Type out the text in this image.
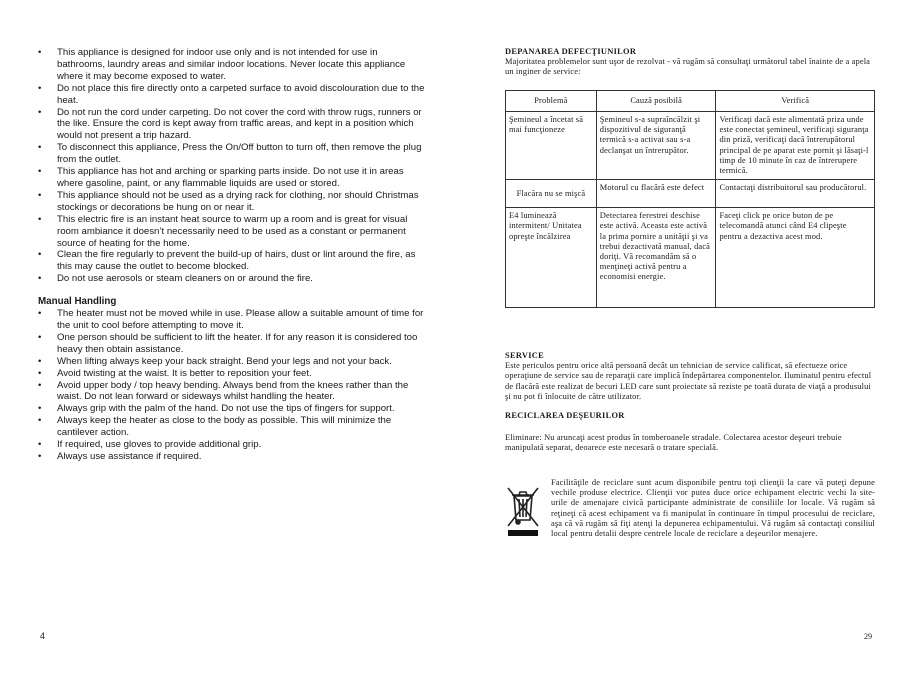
• This appliance is designed for indoor use only and is not intended for use in bathrooms, laundry areas and similar indoor locations. Never locate this appliance where it may become exposed to water.
• Do not place this fire directly onto a carpeted surface to avoid discolouration due to the heat.
• Do not run the cord under carpeting. Do not cover the cord with throw rugs, runners or the like. Ensure the cord is kept away from traffic areas, and kept in a position which would not present a trip hazard.
• To disconnect this appliance, Press the On/Off button to turn off, then remove the plug from the outlet.
• This appliance has hot and arching or sparking parts inside. Do not use it in areas where gasoline, paint, or any flammable liquids are used or stored.
• This appliance should not be used as a drying rack for clothing, nor should Christmas stockings or decorations be hung on or near it.
• This electric fire is an instant heat source to warm up a room and is great for visual room ambiance it doesn’t necessarily need to be used as a constant or permanent source of heating for the home.
• Clean the fire regularly to prevent the build-up of hairs, dust or lint around the fire, as this may cause the outlet to become blocked.
• Do not use aerosols or steam cleaners on or around the fire.
Manual Handling
• The heater must not be moved while in use. Please allow a suitable amount of time for the unit to cool before attempting to move it.
• One person should be sufficient to lift the heater. If for any reason it is considered too heavy then obtain assistance.
• When lifting always keep your back straight. Bend your legs and not your back.
• Avoid twisting at the waist. It is better to reposition your feet.
• Avoid upper body / top heavy bending. Always bend from the knees rather than the waist. Do not lean forward or sideways whilst handling the heater.
• Always grip with the palm of the hand. Do not use the tips of fingers for support.
• Always keep the heater as close to the body as possible. This will minimize the cantilever action.
• If required, use gloves to provide additional grip.
• Always use assistance if required.
4
DEPANAREA DEFECŢIUNILOR

Majoritatea problemelor sunt uşor de rezolvat - vă rugăm să consultaţi următorul tabel înainte de a apela un inginer de service:

Problemă	Cauză posibilă	Verifică
Şemineul a încetat să mai funcţioneze	Şemineul s-a supraîncălzit şi dispozitivul de siguranţă termică s-a activat sau s-a declanşat un întrerupător.	Verificaţi dacă este alimentată priza unde este conectat şemineul, verificaţi siguranţa din priză, verificaţi dacă întrerupătorul principal de pe aparat este pornit şi lăsaţi-l timp de 10 minute în caz de întrerupere termică.
Flacăra nu se mişcă	Motorul cu flacără este defect	Contactaţi distribuitorul sau producătorul.
E4 luminează intermitent/ Unitatea opreşte încălzirea	Detectarea ferestrei deschise este activă. Aceasta este activă la prima pornire a unităţii şi va trebui dezactivată manual, dacă doriţi. Vă recomandăm să o menţineţi activă pentru a economisi energie.	Faceţi click pe orice buton de pe telecomandă atunci când E4 clipeşte pentru a dezactiva acest mod.
SERVICE

Este periculos pentru orice altă persoană decât un tehnician de service calificat, să efectueze orice operaţiune de service sau de reparaţii care implică îndepărtarea componentelor. Iluminatul pentru efectul de flacără este realizat de becuri LED care sunt proiectate să reziste pe toată durata de viaţă a produsului şi nu pot fi înlocuite de către utilizator.

RECICLAREA DEŞEURILOR

Eliminare: Nu aruncaţi acest produs în tomberoanele stradale. Colectarea acestor deşeuri trebuie manipulată separat, deoarece este necesară o tratare specială.

Facilităţile de reciclare sunt acum disponibile pentru toţi clienţii la care vă puteţi depune vechile produse electrice. Clienţii vor putea duce orice echipament electric vechi la site-urile de amenajare civică participante administrate de consiliile lor locale. Vă rugăm să reţineţi că acest echipament va fi manipulat în continuare în timpul procesului de reciclare, aşa că vă rugăm să fiţi atenţi la depunerea echipamentului. Vă rugăm să contactaţi consiliul local pentru detalii despre centrele locale de reciclare a deşeurilor menajere.

29
